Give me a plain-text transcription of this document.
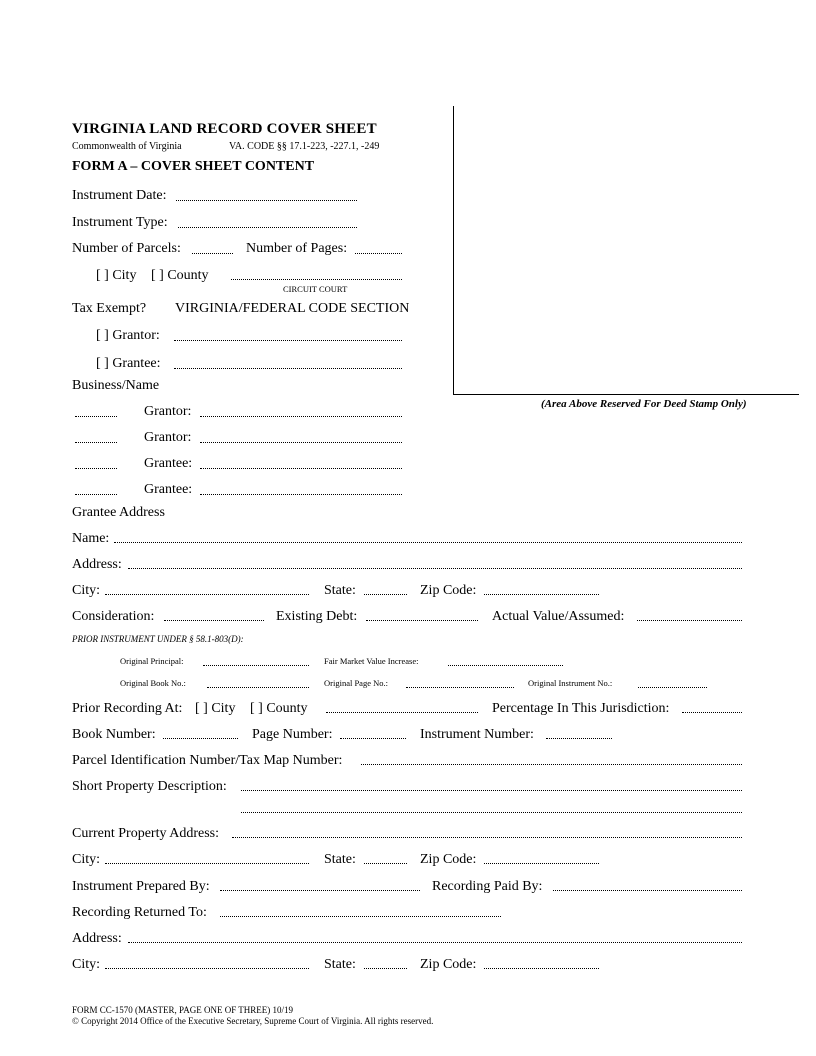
VIRGINIA LAND RECORD COVER SHEET
Commonwealth of Virginia	VA. CODE §§ 17.1-223, -227.1, -249
FORM A – COVER SHEET CONTENT
(Area Above Reserved For Deed Stamp Only)
Instrument Date:
Instrument Type:
Number of Parcels:	Number of Pages:
[ ] City [ ] County
CIRCUIT COURT
Tax Exempt? VIRGINIA/FEDERAL CODE SECTION
[ ] Grantor:
[ ] Grantee:
Business/Name
Grantor:
Grantor:
Grantee:
Grantee:
Grantee Address
Name:
Address:
City:	State:	Zip Code:
Consideration:	Existing Debt:	Actual Value/Assumed:
PRIOR INSTRUMENT UNDER § 58.1-803(D):
Original Principal:	Fair Market Value Increase:
Original Book No.:	Original Page No.:	Original Instrument No.:
Prior Recording At: [ ] City [ ] County	Percentage In This Jurisdiction:
Book Number:	Page Number:	Instrument Number:
Parcel Identification Number/Tax Map Number:
Short Property Description:
Current Property Address:
City:	State:	Zip Code:
Instrument Prepared By:	Recording Paid By:
Recording Returned To:
Address:
City:	State:	Zip Code:
FORM CC-1570 (MASTER, PAGE ONE OF THREE) 10/19
© Copyright 2014 Office of the Executive Secretary, Supreme Court of Virginia. All rights reserved.
